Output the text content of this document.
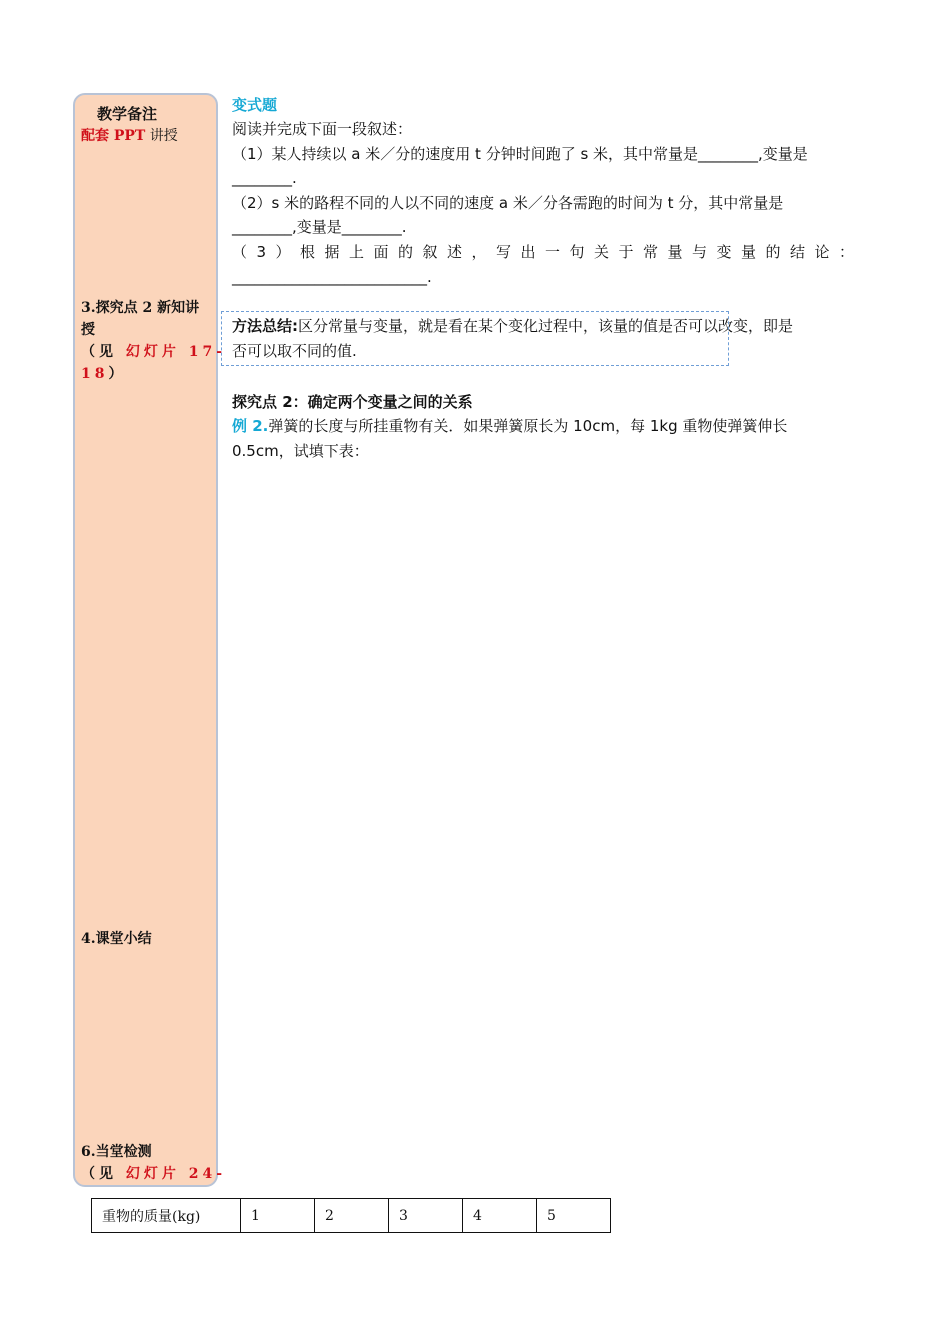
教学备注
配套 PPT 讲授
3.探究点 2 新知讲
授
（见 幻灯片 17-
18）
4.课堂小结
6.当堂检测
（见 幻灯片 24-
变式题
阅读并完成下面一段叙述：
（1）某人持续以 a 米／分的速度用 t 分钟时间跑了 s 米，其中常量是________,变量是
________.
（2）s 米的路程不同的人以不同的速度 a 米／分各需跑的时间为 t 分，其中常量是
________,变量是________.
（3）根据上面的叙述，写出一句关于常量与变量的结论：
__________________________.
方法总结:区分常量与变量，就是看在某个变化过程中，该量的值是否可以改变，即是
否可以取不同的值.
探究点 2：确定两个变量之间的关系
例 2.弹簧的长度与所挂重物有关．如果弹簧原长为 10cm，每 1kg 重物使弹簧伸长
0.5cm，试填下表：
重物的质量(kg)	1	2	3	4	5
